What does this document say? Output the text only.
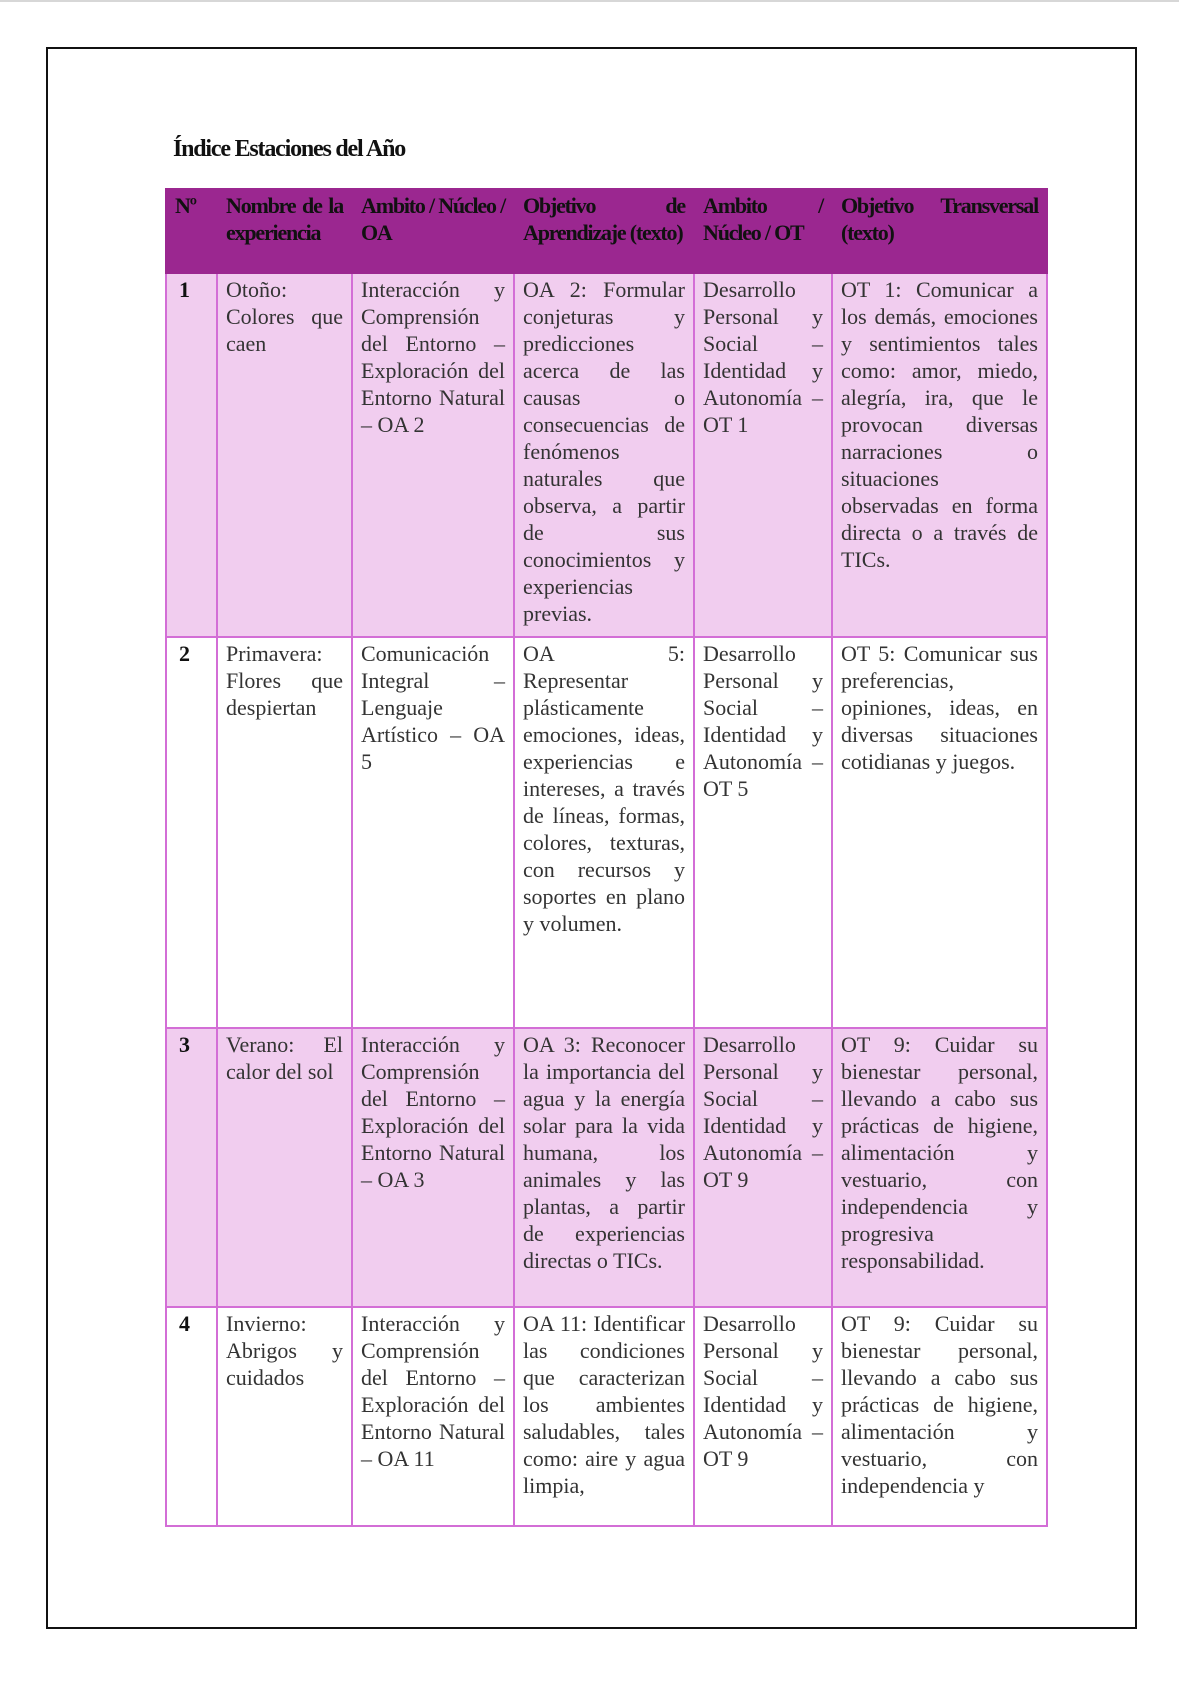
Índice Estaciones del Año
Nº	Nombre de la experiencia	Ambito / Núcleo / OA	Objetivo de Aprendizaje (texto)	Ambito / Núcleo / OT	Objetivo Transversal (texto)
1	Otoño: Colores que caen	Interacción y Comprensión del Entorno – Exploración del Entorno Natural – OA 2	OA 2: Formular conjeturas y predicciones acerca de las causas o consecuencias de fenómenos naturales que observa, a partir de sus conocimientos y experiencias previas.	Desarrollo Personal y Social – Identidad y Autonomía – OT 1	OT 1: Comunicar a los demás, emociones y sentimientos tales como: amor, miedo, alegría, ira, que le provocan diversas narraciones o situaciones observadas en forma directa o a través de TICs.
2	Primavera: Flores que despiertan	Comunicación Integral – Lenguaje Artístico – OA 5	OA 5: Representar plásticamente emociones, ideas, experiencias e intereses, a través de líneas, formas, colores, texturas, con recursos y soportes en plano y volumen.	Desarrollo Personal y Social – Identidad y Autonomía – OT 5	OT 5: Comunicar sus preferencias, opiniones, ideas, en diversas situaciones cotidianas y juegos.
3	Verano: El calor del sol	Interacción y Comprensión del Entorno – Exploración del Entorno Natural – OA 3	OA 3: Reconocer la importancia del agua y la energía solar para la vida humana, los animales y las plantas, a partir de experiencias directas o TICs.	Desarrollo Personal y Social – Identidad y Autonomía – OT 9	OT 9: Cuidar su bienestar personal, llevando a cabo sus prácticas de higiene, alimentación y vestuario, con independencia y progresiva responsabilidad.
4	Invierno: Abrigos y cuidados	Interacción y Comprensión del Entorno – Exploración del Entorno Natural – OA 11	OA 11: Identificar las condiciones que caracterizan los ambientes saludables, tales como: aire y agua limpia,	Desarrollo Personal y Social – Identidad y Autonomía – OT 9	OT 9: Cuidar su bienestar personal, llevando a cabo sus prácticas de higiene, alimentación y vestuario, con independencia y
